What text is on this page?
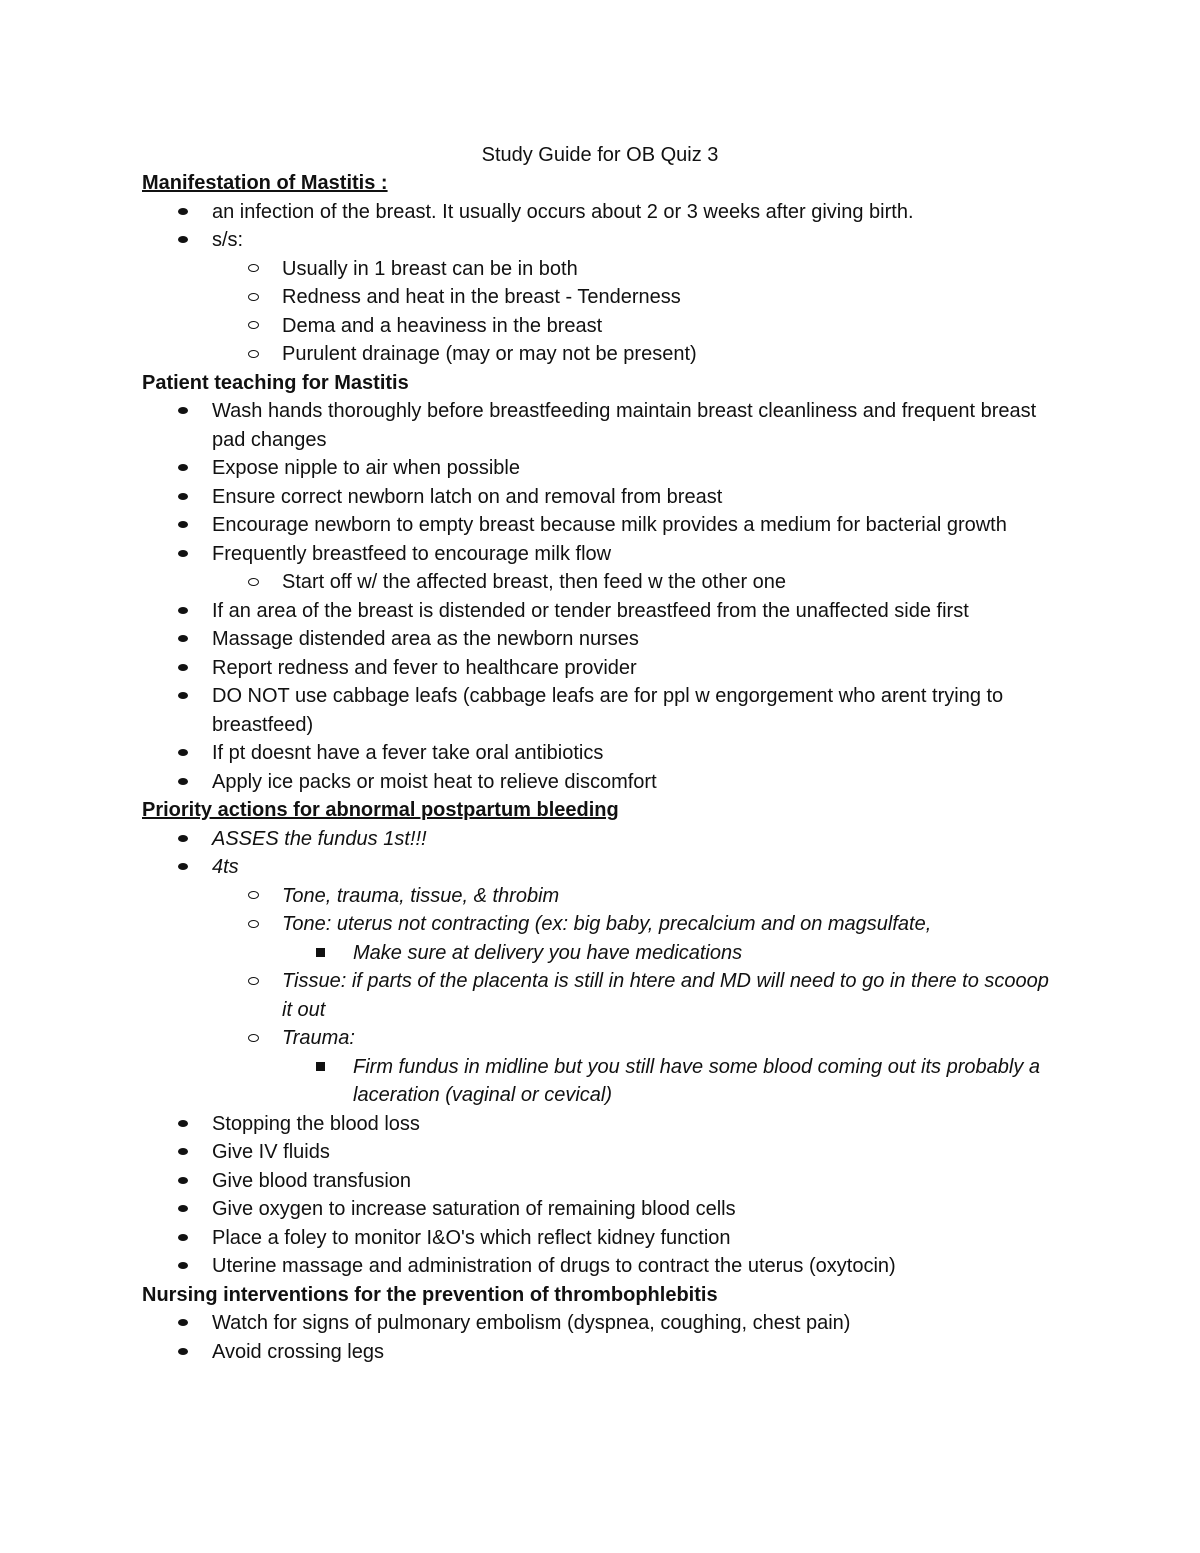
Study Guide for OB Quiz 3
Manifestation of Mastitis :
an infection of the breast. It usually occurs about 2 or 3 weeks after giving birth.
s/s:
Usually in 1 breast can be in both
Redness and heat in the breast - Tenderness
Dema and a heaviness in the breast
Purulent drainage (may or may not be present)
Patient teaching for Mastitis
Wash hands thoroughly before breastfeeding maintain breast cleanliness and frequent breast pad changes
Expose nipple to air when possible
Ensure correct newborn latch on and removal from breast
Encourage newborn to empty breast because milk provides a medium for bacterial growth
Frequently breastfeed to encourage milk flow
Start off w/ the affected breast, then feed w the other one
If an area of the breast is distended or tender breastfeed from the unaffected side first
Massage distended area as the newborn nurses
Report redness and fever to healthcare provider
DO NOT use cabbage leafs (cabbage leafs are for ppl w engorgement who arent trying to breastfeed)
If pt doesnt have a fever take oral antibiotics
Apply ice packs or moist heat to relieve discomfort
Priority actions for abnormal postpartum bleeding
ASSES the fundus 1st!!!
4ts
Tone, trauma, tissue, & throbim
Tone: uterus not contracting (ex: big baby, precalcium and on magsulfate,
Make sure at delivery you have medications
Tissue: if parts of the placenta is still in htere and MD will need to go in there to scooop it out
Trauma:
Firm fundus in midline but you still have some blood coming out its probably a laceration (vaginal or cevical)
Stopping the blood loss
Give IV fluids
Give blood transfusion
Give oxygen to increase saturation of remaining blood cells
Place a foley to monitor I&O's which reflect kidney function
Uterine massage and administration of drugs to contract the uterus (oxytocin)
Nursing interventions for the prevention of thrombophlebitis
Watch for signs of pulmonary embolism (dyspnea, coughing, chest pain)
Avoid crossing legs
